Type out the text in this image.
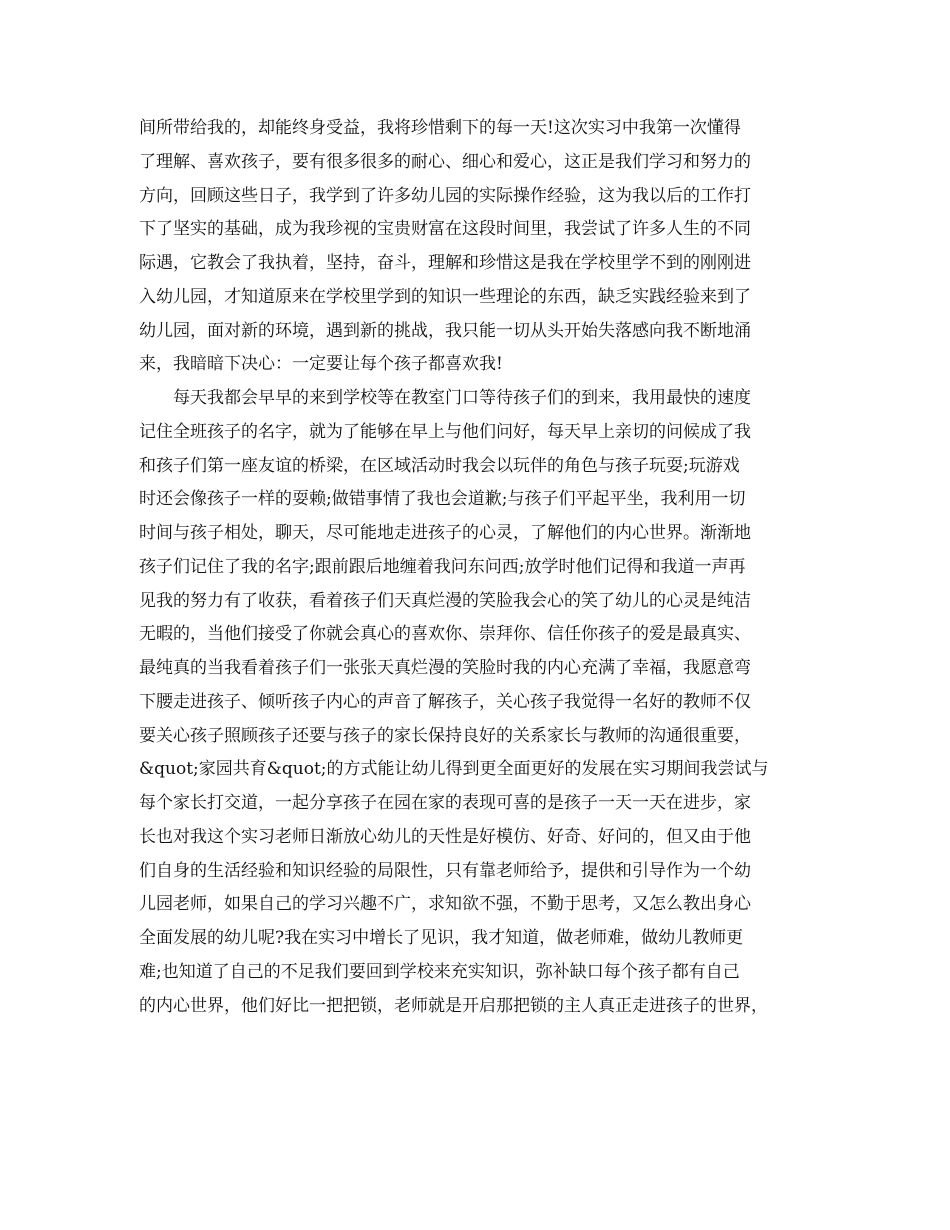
间所带给我的，却能终身受益，我将珍惜剩下的每一天!这次实习中我第一次懂得
了理解、喜欢孩子，要有很多很多的耐心、细心和爱心，这正是我们学习和努力的
方向，回顾这些日子，我学到了许多幼儿园的实际操作经验，这为我以后的工作打
下了坚实的基础，成为我珍视的宝贵财富在这段时间里，我尝试了许多人生的不同
际遇，它教会了我执着，坚持，奋斗，理解和珍惜这是我在学校里学不到的刚刚进
入幼儿园，才知道原来在学校里学到的知识一些理论的东西，缺乏实践经验来到了
幼儿园，面对新的环境，遇到新的挑战，我只能一切从头开始失落感向我不断地涌
来，我暗暗下决心：一定要让每个孩子都喜欢我!
　　每天我都会早早的来到学校等在教室门口等待孩子们的到来，我用最快的速度
记住全班孩子的名字，就为了能够在早上与他们问好，每天早上亲切的问候成了我
和孩子们第一座友谊的桥梁，在区域活动时我会以玩伴的角色与孩子玩耍;玩游戏
时还会像孩子一样的耍赖;做错事情了我也会道歉;与孩子们平起平坐，我利用一切
时间与孩子相处，聊天，尽可能地走进孩子的心灵，了解他们的内心世界。渐渐地
孩子们记住了我的名字;跟前跟后地缠着我问东问西;放学时他们记得和我道一声再
见我的努力有了收获，看着孩子们天真烂漫的笑脸我会心的笑了幼儿的心灵是纯洁
无暇的，当他们接受了你就会真心的喜欢你、崇拜你、信任你孩子的爱是最真实、
最纯真的当我看着孩子们一张张天真烂漫的笑脸时我的内心充满了幸福，我愿意弯
下腰走进孩子、倾听孩子内心的声音了解孩子，关心孩子我觉得一名好的教师不仅
要关心孩子照顾孩子还要与孩子的家长保持良好的关系家长与教师的沟通很重要，
&quot;家园共育&quot;的方式能让幼儿得到更全面更好的发展在实习期间我尝试与
每个家长打交道，一起分享孩子在园在家的表现可喜的是孩子一天一天在进步，家
长也对我这个实习老师日渐放心幼儿的天性是好模仿、好奇、好问的，但又由于他
们自身的生活经验和知识经验的局限性，只有靠老师给予，提供和引导作为一个幼
儿园老师，如果自己的学习兴趣不广，求知欲不强，不勤于思考，又怎么教出身心
全面发展的幼儿呢?我在实习中增长了见识，我才知道，做老师难，做幼儿教师更
难;也知道了自己的不足我们要回到学校来充实知识，弥补缺口每个孩子都有自己
的内心世界，他们好比一把把锁，老师就是开启那把锁的主人真正走进孩子的世界，
